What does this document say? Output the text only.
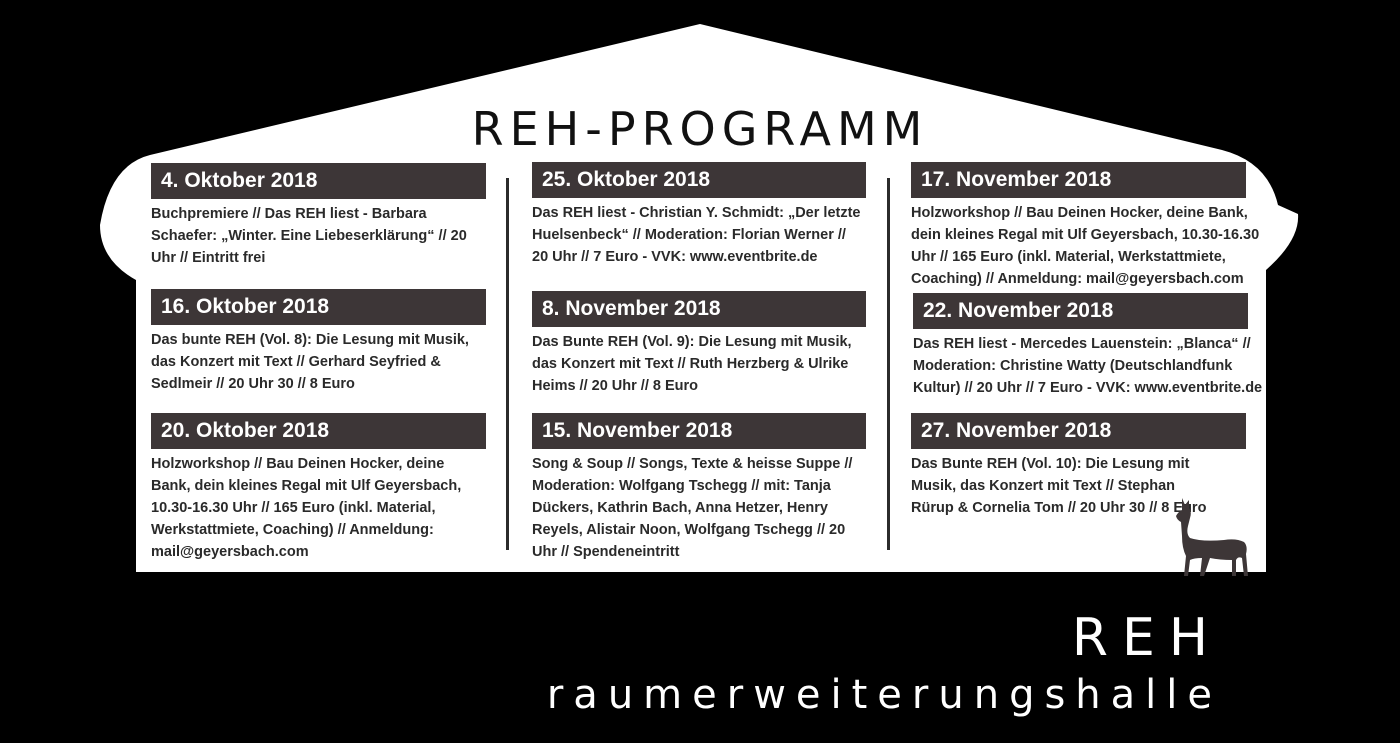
REH-PROGRAMM
4. Oktober 2018
Buchpremiere // Das REH liest - Barbara Schaefer: „Winter. Eine Liebeserklärung“ // 20 Uhr // Eintritt frei
16. Oktober 2018
Das bunte REH (Vol. 8): Die Lesung mit Musik, das Konzert mit Text // Gerhard Seyfried & Sedlmeir // 20 Uhr 30 // 8 Euro
20. Oktober 2018
Holzworkshop // Bau Deinen Hocker, deine Bank, dein kleines Regal mit Ulf Geyersbach, 10.30-16.30 Uhr // 165 Euro (inkl. Material, Werkstattmiete, Coaching) // Anmeldung: mail@geyersbach.com
25. Oktober 2018
Das REH liest - Christian Y. Schmidt: „Der letzte Huelsenbeck“ // Moderation: Florian Werner // 20 Uhr // 7 Euro - VVK: www.eventbrite.de
8. November 2018
Das Bunte REH (Vol. 9): Die Lesung mit Musik, das Konzert mit Text // Ruth Herzberg & Ulrike Heims // 20 Uhr // 8 Euro
15. November 2018
Song & Soup // Songs, Texte & heisse Suppe // Moderation: Wolfgang Tschegg // mit: Tanja Dückers, Kathrin Bach, Anna Hetzer, Henry Reyels, Alistair Noon, Wolfgang Tschegg // 20 Uhr // Spendeneintritt
17. November 2018
Holzworkshop // Bau Deinen Hocker, deine Bank, dein kleines Regal mit Ulf Geyersbach, 10.30-16.30 Uhr // 165 Euro (inkl. Material, Werkstattmiete, Coaching) // Anmeldung: mail@geyersbach.com
22. November 2018
Das REH liest - Mercedes Lauenstein: „Blanca“ // Moderation: Christine Watty (Deutschlandfunk Kultur) // 20 Uhr // 7 Euro - VVK: www.eventbrite.de
27. November 2018
Das Bunte REH (Vol. 10): Die Lesung mit Musik, das Konzert mit Text // Stephan Rürup & Cornelia Tom // 20 Uhr 30 // 8 Euro
REH
raumerweiterungshalle
